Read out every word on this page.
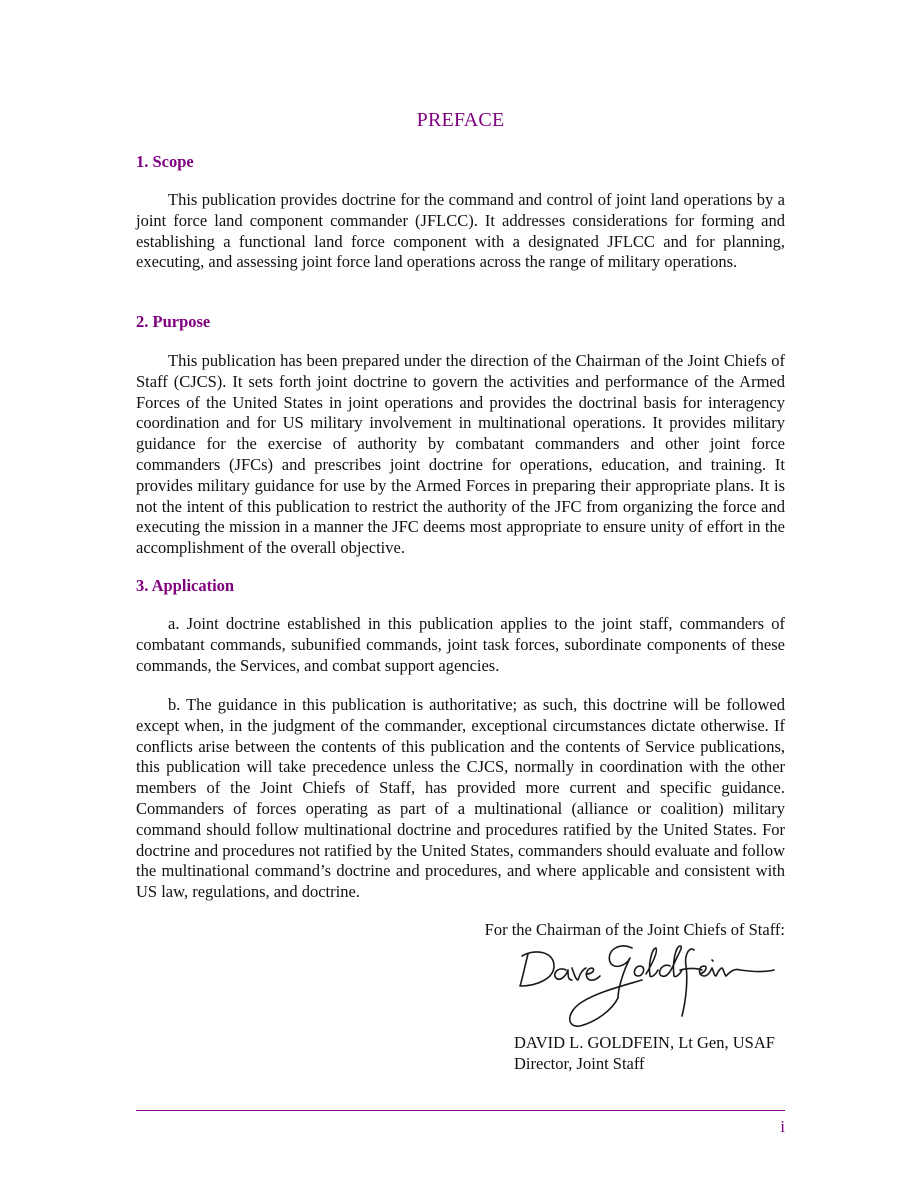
PREFACE
1. Scope

This publication provides doctrine for the command and control of joint land operations by a joint force land component commander (JFLCC). It addresses considerations for forming and establishing a functional land force component with a designated JFLCC and for planning, executing, and assessing joint force land operations across the range of military operations.

2. Purpose

This publication has been prepared under the direction of the Chairman of the Joint Chiefs of Staff (CJCS). It sets forth joint doctrine to govern the activities and performance of the Armed Forces of the United States in joint operations and provides the doctrinal basis for interagency coordination and for US military involvement in multinational operations. It provides military guidance for the exercise of authority by combatant commanders and other joint force commanders (JFCs) and prescribes joint doctrine for operations, education, and training. It provides military guidance for use by the Armed Forces in preparing their appropriate plans. It is not the intent of this publication to restrict the authority of the JFC from organizing the force and executing the mission in a manner the JFC deems most appropriate to ensure unity of effort in the accomplishment of the overall objective.

3. Application

a. Joint doctrine established in this publication applies to the joint staff, commanders of combatant commands, subunified commands, joint task forces, subordinate components of these commands, the Services, and combat support agencies.

b. The guidance in this publication is authoritative; as such, this doctrine will be followed except when, in the judgment of the commander, exceptional circumstances dictate otherwise. If conflicts arise between the contents of this publication and the contents of Service publications, this publication will take precedence unless the CJCS, normally in coordination with the other members of the Joint Chiefs of Staff, has provided more current and specific guidance. Commanders of forces operating as part of a multinational (alliance or coalition) military command should follow multinational doctrine and procedures ratified by the United States. For doctrine and procedures not ratified by the United States, commanders should evaluate and follow the multinational command’s doctrine and procedures, and where applicable and consistent with US law, regulations, and doctrine.

For the Chairman of the Joint Chiefs of Staff:
DAVID L. GOLDFEIN, Lt Gen, USAF
Director, Joint Staff
i
